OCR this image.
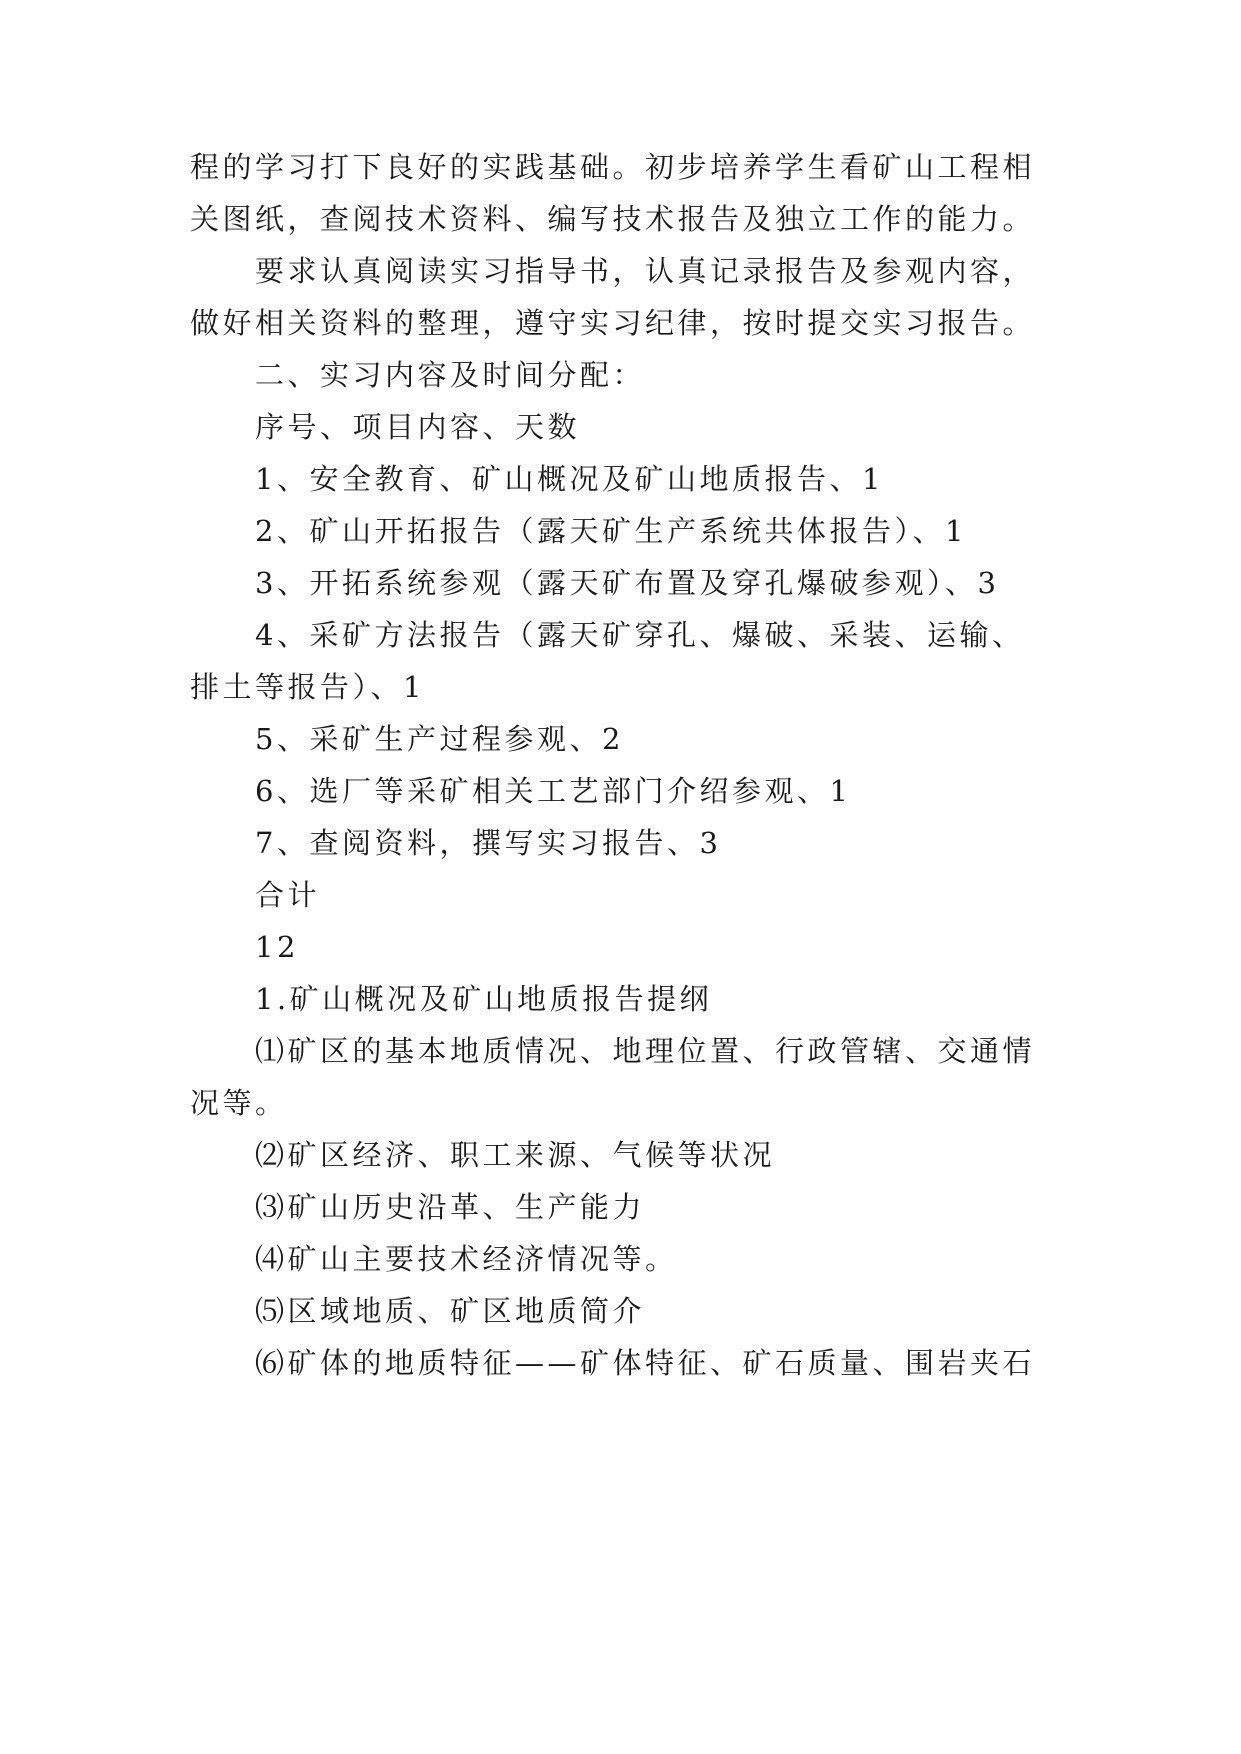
程的学习打下良好的实践基础。初步培养学生看矿山工程相
关图纸，查阅技术资料、编写技术报告及独立工作的能力。
要求认真阅读实习指导书，认真记录报告及参观内容，
做好相关资料的整理，遵守实习纪律，按时提交实习报告。
二、实习内容及时间分配：
序号、项目内容、天数
1、安全教育、矿山概况及矿山地质报告、1
2、矿山开拓报告（露天矿生产系统共体报告）、1
3、开拓系统参观（露天矿布置及穿孔爆破参观）、3
4、采矿方法报告（露天矿穿孔、爆破、采装、运输、
排土等报告）、1
5、采矿生产过程参观、2
6、选厂等采矿相关工艺部门介绍参观、1
7、查阅资料，撰写实习报告、3
合计
12
1.矿山概况及矿山地质报告提纲
⑴矿区的基本地质情况、地理位置、行政管辖、交通情
况等。
⑵矿区经济、职工来源、气候等状况
⑶矿山历史沿革、生产能力
⑷矿山主要技术经济情况等。
⑸区域地质、矿区地质简介
⑹矿体的地质特征——矿体特征、矿石质量、围岩夹石
